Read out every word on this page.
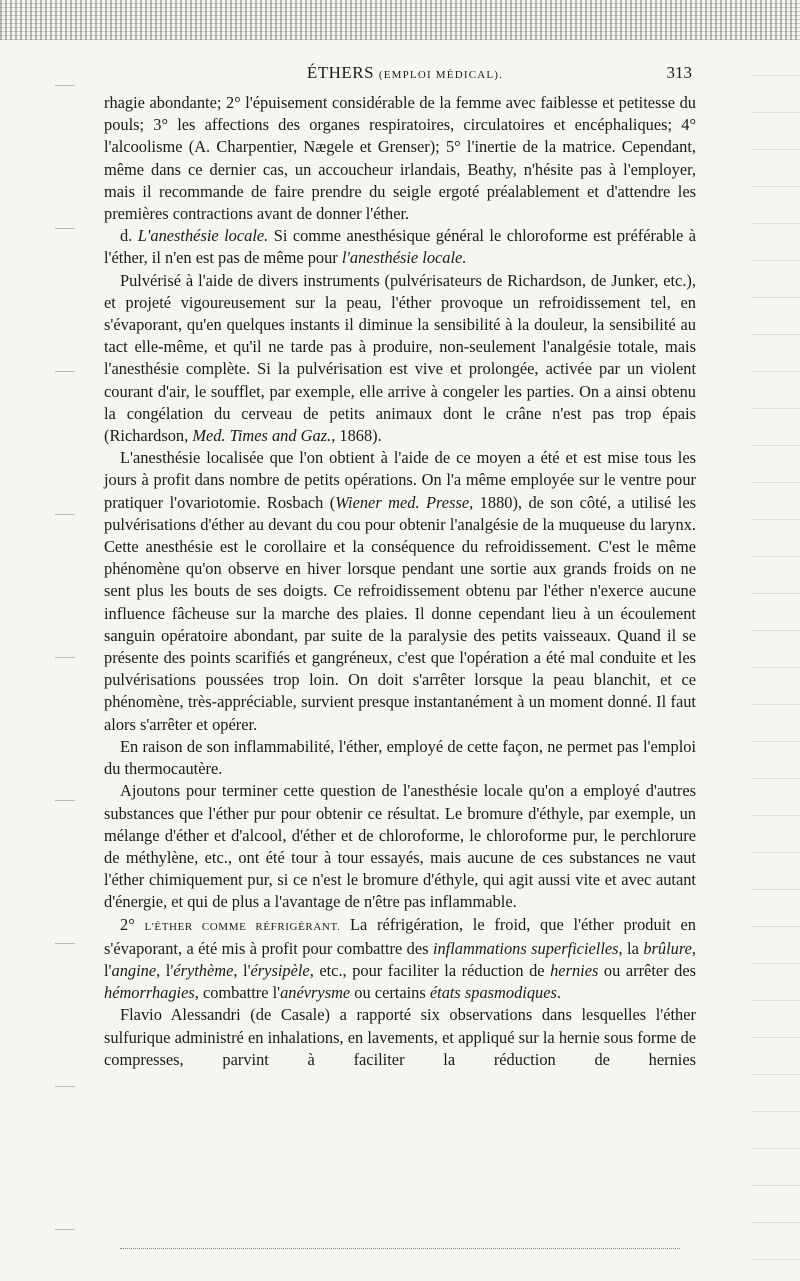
ÉTHERS (EMPLOI MÉDICAL).	313

rhagie abondante; 2° l'épuisement considérable de la femme avec faiblesse et petitesse du pouls; 3° les affections des organes respiratoires, circulatoires et encéphaliques; 4° l'alcoolisme (A. Charpentier, Nægele et Grenser); 5° l'inertie de la matrice. Cependant, même dans ce dernier cas, un accoucheur irlandais, Beathy, n'hésite pas à l'employer, mais il recommande de faire prendre du seigle ergoté préalablement et d'attendre les premières contractions avant de donner l'éther.

d. L'anesthésie locale. Si comme anesthésique général le chloroforme est préférable à l'éther, il n'en est pas de même pour l'anesthésie locale.

Pulvérisé à l'aide de divers instruments (pulvérisateurs de Richardson, de Junker, etc.), et projeté vigoureusement sur la peau, l'éther provoque un refroidissement tel, en s'évaporant, qu'en quelques instants il diminue la sensibilité à la douleur, la sensibilité au tact elle-même, et qu'il ne tarde pas à produire, non-seulement l'analgésie totale, mais l'anesthésie complète. Si la pulvérisation est vive et prolongée, activée par un violent courant d'air, le soufflet, par exemple, elle arrive à congeler les parties. On a ainsi obtenu la congélation du cerveau de petits animaux dont le crâne n'est pas trop épais (Richardson, Med. Times and Gaz., 1868).

L'anesthésie localisée que l'on obtient à l'aide de ce moyen a été et est mise tous les jours à profit dans nombre de petits opérations. On l'a même employée sur le ventre pour pratiquer l'ovariotomie. Rosbach (Wiener med. Presse, 1880), de son côté, a utilisé les pulvérisations d'éther au devant du cou pour obtenir l'analgésie de la muqueuse du larynx. Cette anesthésie est le corollaire et la conséquence du refroidissement. C'est le même phénomène qu'on observe en hiver lorsque pendant une sortie aux grands froids on ne sent plus les bouts de ses doigts. Ce refroidissement obtenu par l'éther n'exerce aucune influence fâcheuse sur la marche des plaies. Il donne cependant lieu à un écoulement sanguin opératoire abondant, par suite de la paralysie des petits vaisseaux. Quand il se présente des points scarifiés et gangréneux, c'est que l'opération a été mal conduite et les pulvérisations poussées trop loin. On doit s'arrêter lorsque la peau blanchit, et ce phénomène, très-appréciable, survient presque instantanément à un moment donné. Il faut alors s'arrêter et opérer.

En raison de son inflammabilité, l'éther, employé de cette façon, ne permet pas l'emploi du thermocautère.

Ajoutons pour terminer cette question de l'anesthésie locale qu'on a employé d'autres substances que l'éther pur pour obtenir ce résultat. Le bromure d'éthyle, par exemple, un mélange d'éther et d'alcool, d'éther et de chloroforme, le chloroforme pur, le perchlorure de méthylène, etc., ont été tour à tour essayés, mais aucune de ces substances ne vaut l'éther chimiquement pur, si ce n'est le bromure d'éthyle, qui agit aussi vite et avec autant d'énergie, et qui de plus a l'avantage de n'être pas inflammable.

2° L'ÉTHER COMME RÉFRIGÉRANT. La réfrigération, le froid, que l'éther produit en s'évaporant, a été mis à profit pour combattre des inflammations superficielles, la brûlure, l'angine, l'érythème, l'érysipèle, etc., pour faciliter la réduction de hernies ou arrêter des hémorrhagies, combattre l'anévrysme ou certains états spasmodiques.

Flavio Alessandri (de Casale) a rapporté six observations dans lesquelles l'éther sulfurique administré en inhalations, en lavements, et appliqué sur la hernie sous forme de compresses, parvint à faciliter la réduction de hernies
